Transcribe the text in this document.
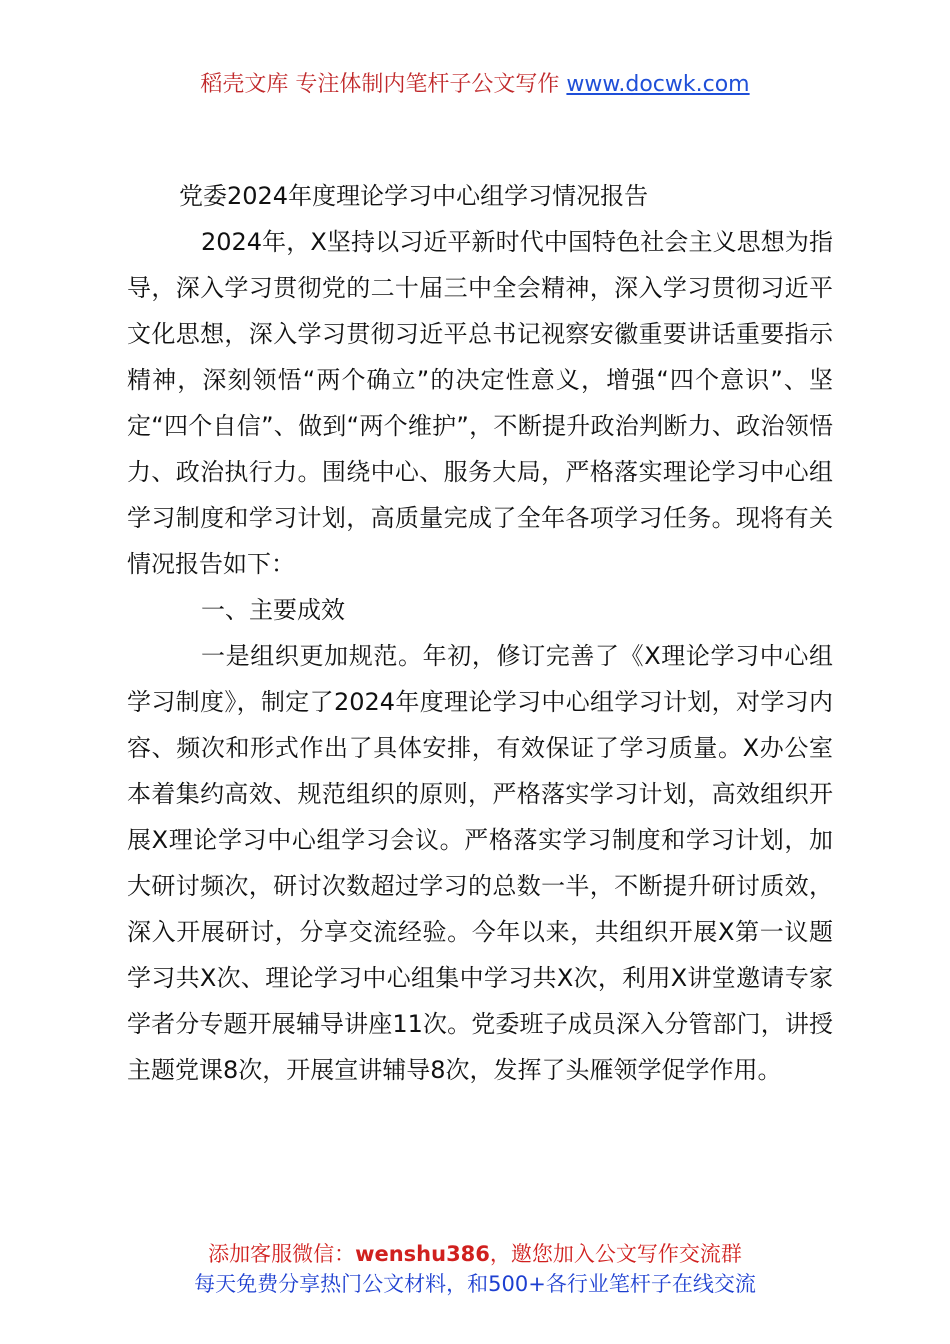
稻壳文库 专注体制内笔杆子公文写作 www.docwk.com
党委2024年度理论学习中心组学习情况报告

2024年，X坚持以习近平新时代中国特色社会主义思想为指导，深入学习贯彻党的二十届三中全会精神，深入学习贯彻习近平文化思想，深入学习贯彻习近平总书记视察安徽重要讲话重要指示精神，深刻领悟“两个确立”的决定性意义，增强“四个意识”、坚定“四个自信”、做到“两个维护”，不断提升政治判断力、政治领悟力、政治执行力。围绕中心、服务大局，严格落实理论学习中心组学习制度和学习计划，高质量完成了全年各项学习任务。现将有关情况报告如下：

一、主要成效

一是组织更加规范。年初，修订完善了《X理论学习中心组学习制度》，制定了2024年度理论学习中心组学习计划，对学习内容、频次和形式作出了具体安排，有效保证了学习质量。X办公室本着集约高效、规范组织的原则，严格落实学习计划，高效组织开展X理论学习中心组学习会议。严格落实学习制度和学习计划，加大研讨频次，研讨次数超过学习的总数一半，不断提升研讨质效，深入开展研讨，分享交流经验。今年以来，共组织开展X第一议题学习共X次、理论学习中心组集中学习共X次，利用X讲堂邀请专家学者分专题开展辅导讲座11次。党委班子成员深入分管部门，讲授主题党课8次，开展宣讲辅导8次，发挥了头雁领学促学作用。

添加客服微信：wenshu386，邀您加入公文写作交流群
每天免费分享热门公文材料，和500+各行业笔杆子在线交流
